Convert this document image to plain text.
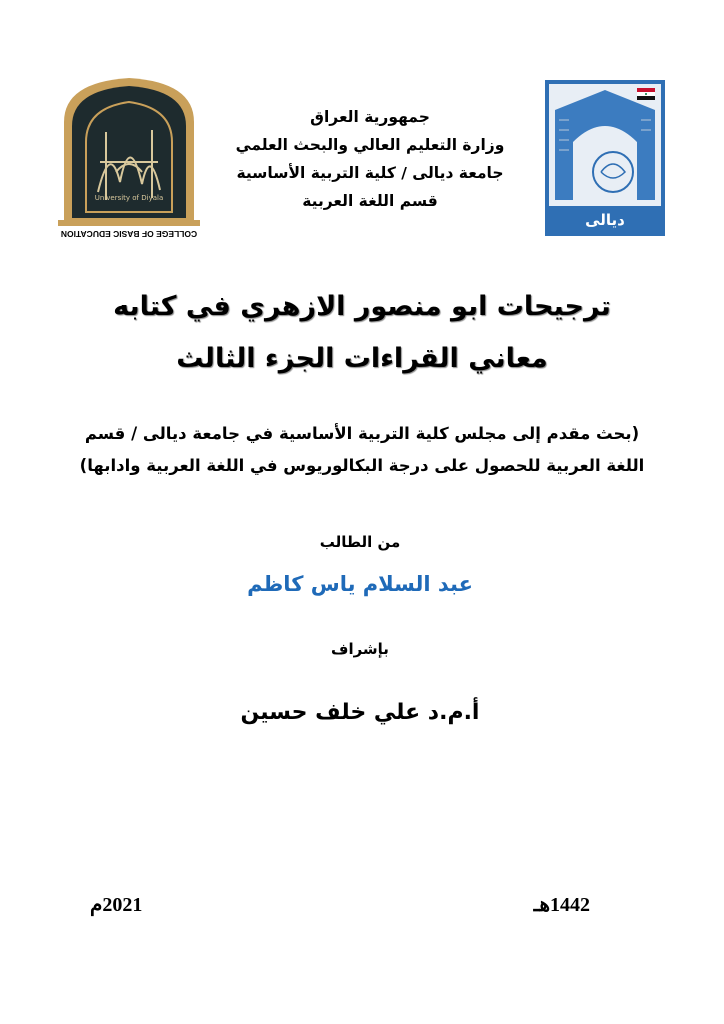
University of Diyala
COLLEGE OF BASIC EDUCATION
جمهورية العراق
وزارة التعليم العالي والبحث العلمي
جامعة ديالى / كلية التربية الأساسية
قسم اللغة العربية
ديالى
ترجيحات ابو منصور الازهري في كتابه
معاني القراءات الجزء الثالث
(بحث مقدم إلى مجلس كلية التربية الأساسية في جامعة ديالى / قسم
اللغة العربية للحصول على درجة البكالوريوس في اللغة العربية وادابها)
من الطالب
عبد السلام ياس كاظم
بإشراف
أ.م.د علي خلف حسين
1442هـ
2021م
